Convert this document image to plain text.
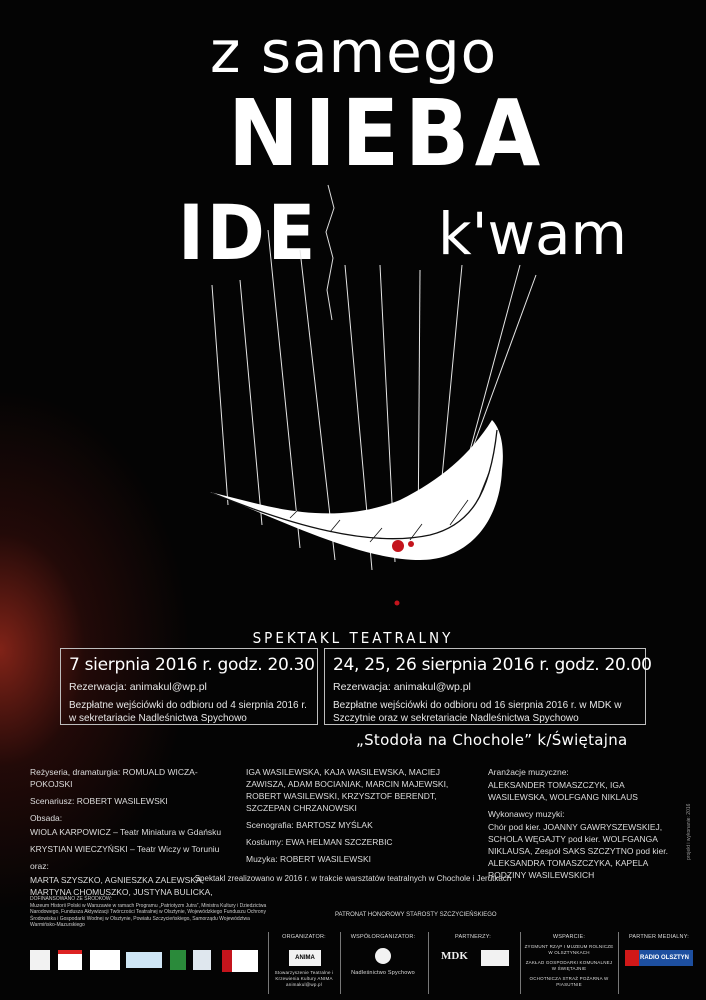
z samego
NIEBA
IDE k'wam
SPEKTAKL TEATRALNY
7 sierpnia 2016 r. godz. 20.30
Rezerwacja: animakul@wp.pl
Bezpłatne wejściówki do odbioru od 4 sierpnia 2016 r. w sekretariacie Nadleśnictwa Spychowo
24, 25, 26 sierpnia 2016 r. godz. 20.00
Rezerwacja: animakul@wp.pl
Bezpłatne wejściówki do odbioru od 16 sierpnia 2016 r. w MDK w Szczytnie oraz w sekretariacie Nadleśnictwa Spychowo
„Stodoła na Chochole” k/Świętajna

Reżyseria, dramaturgia: ROMUALD WICZA-POKOJSKI

Scenariusz: ROBERT WASILEWSKI

Obsada:

WIOLA KARPOWICZ – Teatr Miniatura w Gdańsku

KRYSTIAN WIECZYŃSKI – Teatr Wiczy w Toruniu

oraz:

MARTA SZYSZKO, AGNIESZKA ZALEWSKA, MARTYNA CHOMUSZKO, JUSTYNA BULICKA,

IGA WASILEWSKA, KAJA WASILEWSKA, MACIEJ ZAWISZA, ADAM BOCIANIAK, MARCIN MAJEWSKI, ROBERT WASILEWSKI, KRZYSZTOF BERENDT, SZCZEPAN CHRZANOWSKI

Scenografia: BARTOSZ MYŚLAK

Kostiumy: EWA HELMAN SZCZERBIC

Muzyka: ROBERT WASILEWSKI

Aranżacje muzyczne:

ALEKSANDER TOMASZCZYK, IGA WASILEWSKA, WOLFGANG NIKLAUS

Wykonawcy muzyki:

Chór pod kier. JOANNY GAWRYSZEWSKIEJ, SCHOLA WĘGAJTY pod kier. WOLFGANGA NIKLAUSA, Zespół SAKS SZCZYTNO pod kier. ALEKSANDRA TOMASZCZYKA, KAPELA RODZINY WASILEWSKICH

Spektakl zrealizowano w 2016 r. w trakcie warsztatów teatralnych w Chochole i Jerutkach
projekt i wykonanie: 2016
DOFINANSOWANO ZE ŚRODKÓW:
Muzeum Historii Polski w Warszawie w ramach Programu „Patriotyzm Jutra”, Ministra Kultury i Dziedzictwa Narodowego, Fundusza Aktywizacji Twórczości Teatralnej w Olsztynie, Wojewódzkiego Funduszu Ochrony Środowiska i Gospodarki Wodnej w Olsztynie, Powiatu Szczycieńskiego, Samorządu Województwa Warmińsko-Mazurskiego
PATRONAT HONOROWY STAROSTY SZCZYCIEŃSKIEGO
ORGANIZATOR:
ANIMA
Stowarzyszenie Teatralne i Krzewienia Kultury ANIMA animakul@wp.pl
WSPÓŁORGANIZATOR:
Nadleśnictwo Spychowo
PARTNERZY:
MDK
WSPARCIE:
ZYGMUNT RZĄP I MUZEUM ROLNICZE W OLSZTYNKACH
ZAKŁAD GOSPODARKI KOMUNALNEJ W ŚWIĘTAJNIE
OCHOTNICZA STRAŻ POŻARNA W PIASUTNIE
PARTNER MEDIALNY:
RADIO OLSZTYN
